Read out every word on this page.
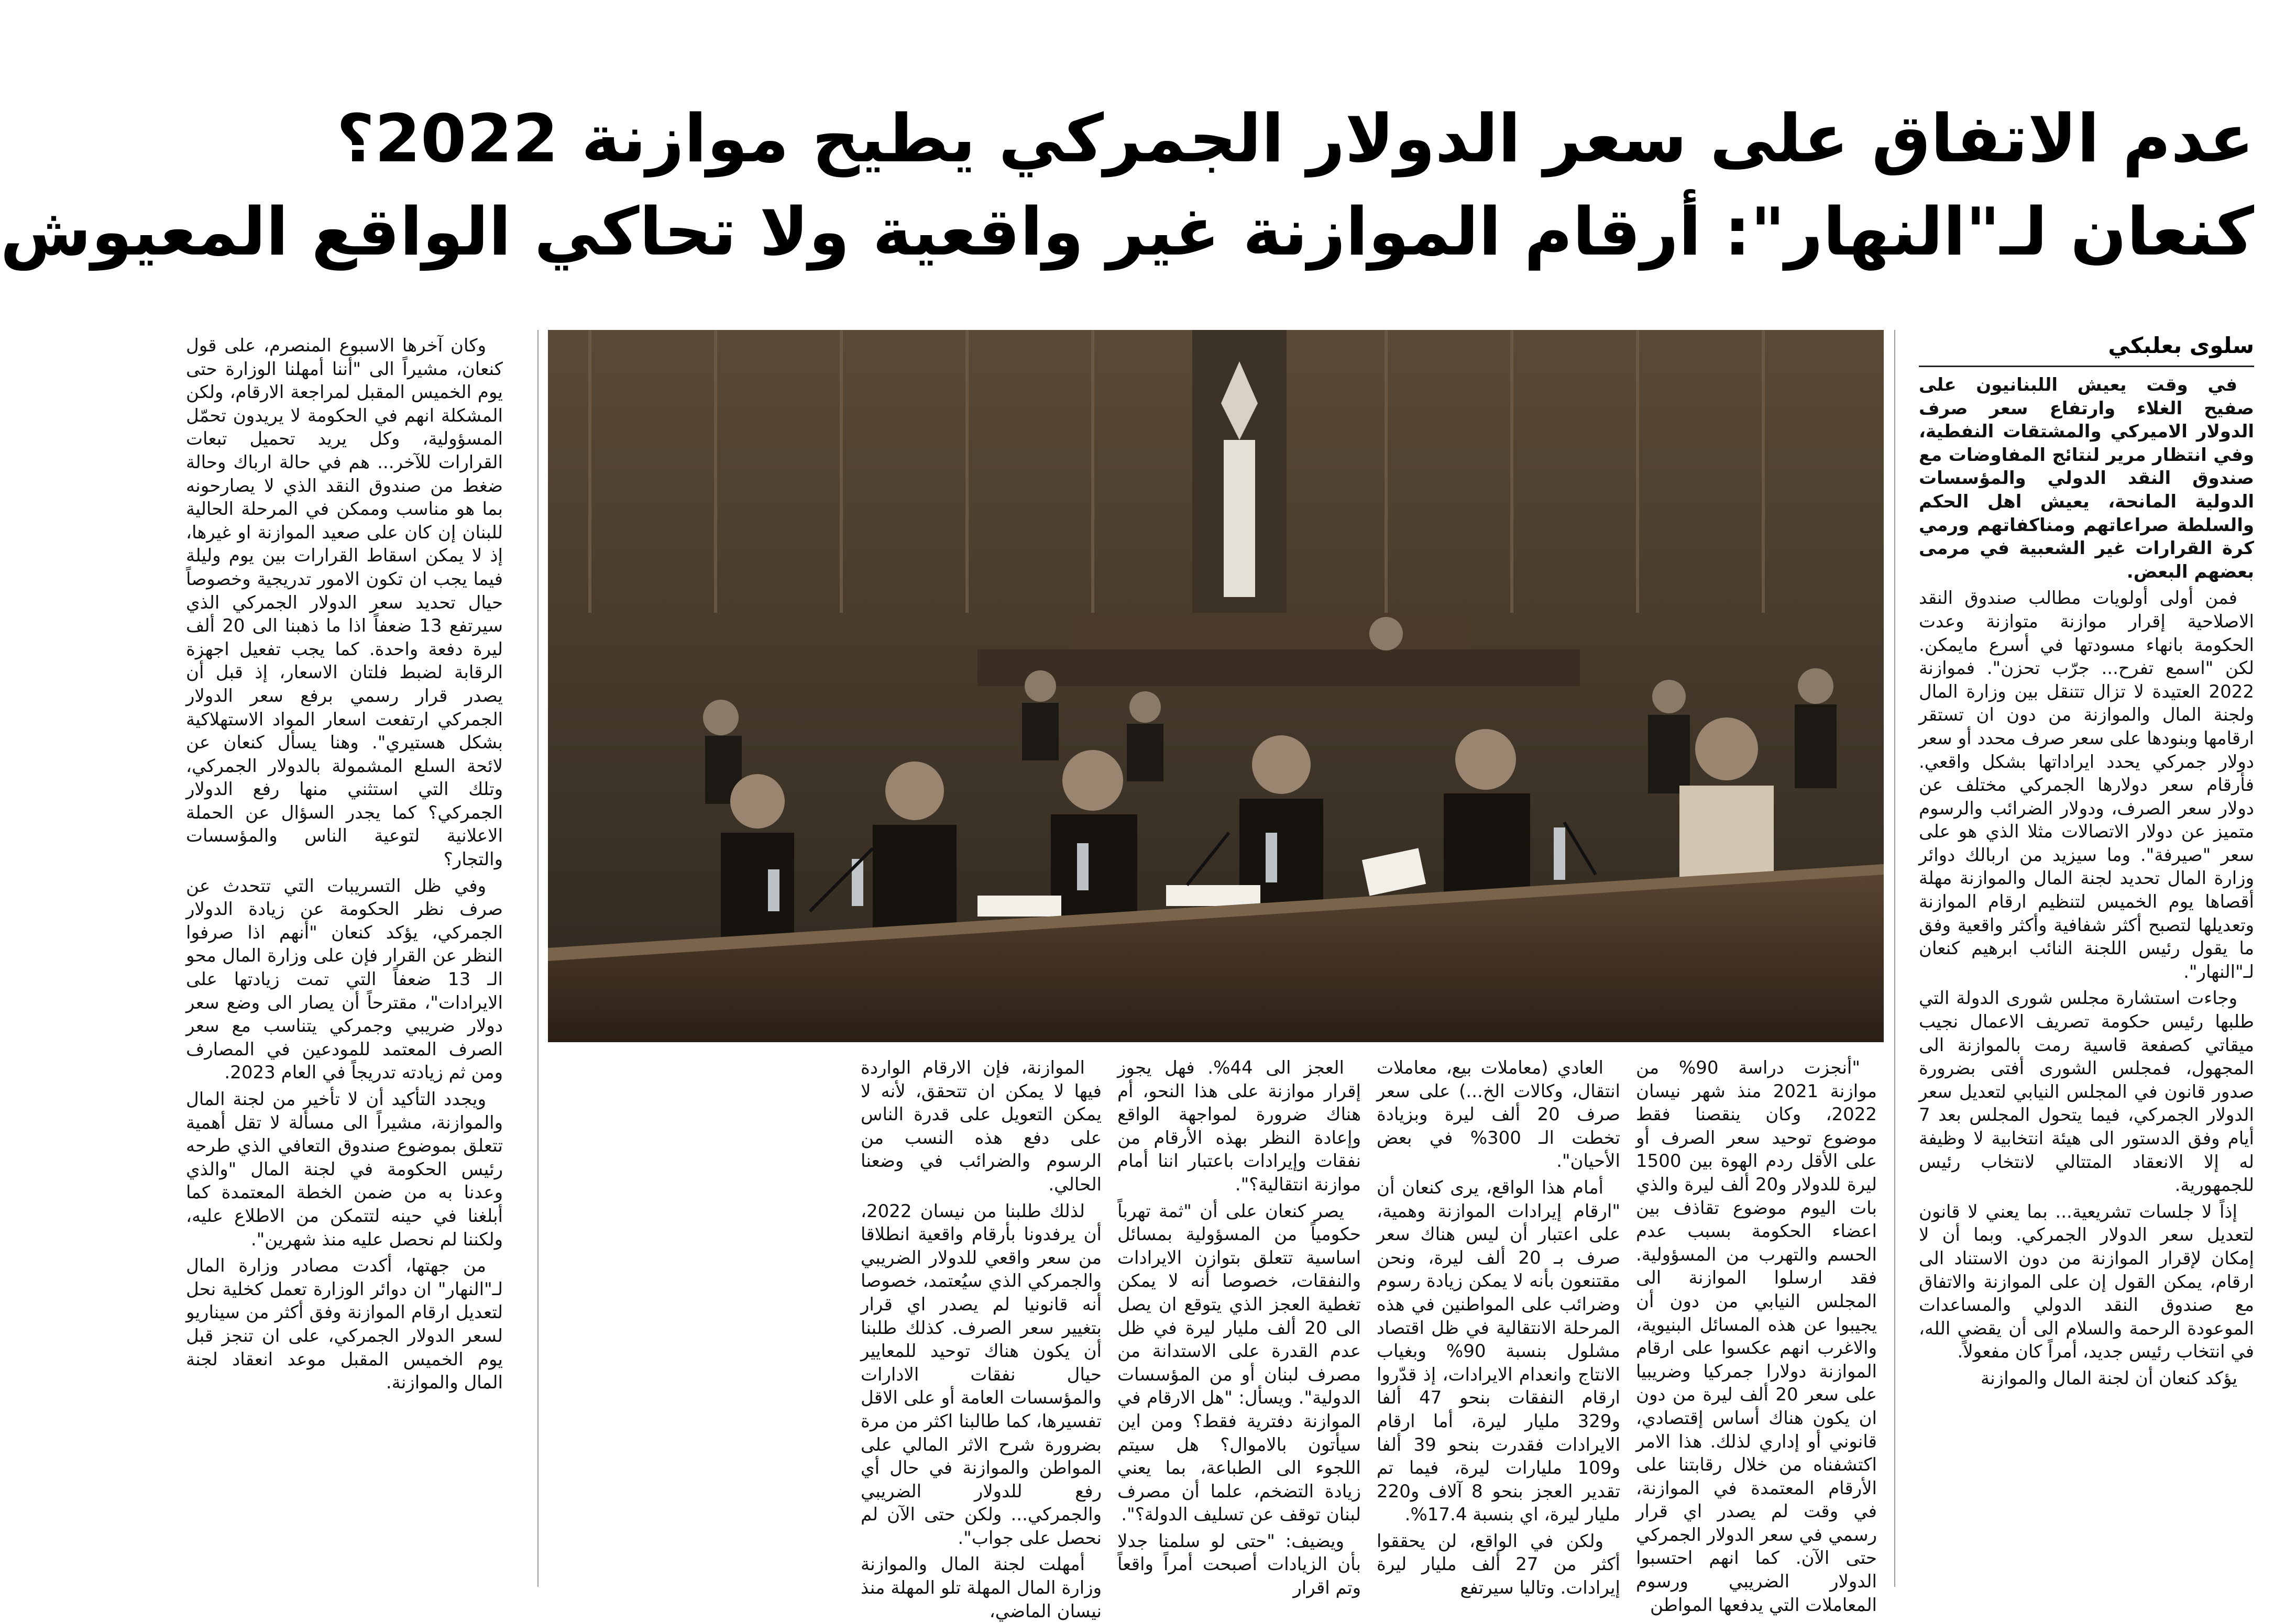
عدم الاتفاق على سعر الدولار الجمركي يطيح موازنة 2022؟
كنعان لـ"النهار": أرقام الموازنة غير واقعية ولا تحاكي الواقع المعيوش
سلوى بعلبكي

في وقت يعيش اللبنانيون على صفيح الغلاء وارتفاع سعر صرف الدولار الاميركي والمشتقات النفطية، وفي انتظار مرير لنتائج المفاوضات مع صندوق النقد الدولي والمؤسسات الدولية المانحة، يعيش اهل الحكم والسلطة صراعاتهم ومناكفاتهم ورمي كرة القرارات غير الشعبية في مرمى بعضهم البعض.

فمن أولى أولويات مطالب صندوق النقد الاصلاحية إقرار موازنة متوازنة وعدت الحكومة بانهاء مسودتها في أسرع مايمكن. لكن "اسمع تفرح... جرّب تحزن". فموازنة 2022 العتيدة لا تزال تتنقل بين وزارة المال ولجنة المال والموازنة من دون ان تستقر ارقامها وبنودها على سعر صرف محدد أو سعر دولار جمركي يحدد ايراداتها بشكل واقعي. فأرقام سعر دولارها الجمركي مختلف عن دولار سعر الصرف، ودولار الضرائب والرسوم متميز عن دولار الاتصالات مثلا الذي هو على سعر "صيرفة". وما سيزيد من اربالك دوائر وزارة المال تحديد لجنة المال والموازنة مهلة أقصاها يوم الخميس لتنظيم ارقام الموازنة وتعديلها لتصبح أكثر شفافية وأكثر واقعية وفق ما يقول رئيس اللجنة النائب ابرهيم كنعان لـ"النهار".

وجاءت استشارة مجلس شورى الدولة التي طلبها رئيس حكومة تصريف الاعمال نجيب ميقاتي كصفعة قاسية رمت بالموازنة الى المجهول، فمجلس الشورى أفتى بضرورة صدور قانون في المجلس النيابي لتعديل سعر الدولار الجمركي، فيما يتحول المجلس بعد 7 أيام وفق الدستور الى هيئة انتخابية لا وظيفة له إلا الانعقاد المتتالي لانتخاب رئيس للجمهورية.

إذاً لا جلسات تشريعية... بما يعني لا قانون لتعديل سعر الدولار الجمركي. وبما أن لا إمكان لإقرار الموازنة من دون الاستناد الى ارقام، يمكن القول إن على الموازنة والاتفاق مع صندوق النقد الدولي والمساعدات الموعودة الرحمة والسلام الى أن يقضي الله، في انتخاب رئيس جديد، أمراً كان مفعولاً.

يؤكد كنعان أن لجنة المال والموازنة

وكان آخرها الاسبوع المنصرم، على قول كنعان، مشيراً الى "أننا أمهلنا الوزارة حتى يوم الخميس المقبل لمراجعة الارقام، ولكن المشكلة انهم في الحكومة لا يريدون تحمّل المسؤولية، وكل يريد تحميل تبعات القرارات للآخر... هم في حالة ارباك وحالة ضغط من صندوق النقد الذي لا يصارحونه بما هو مناسب وممكن في المرحلة الحالية للبنان إن كان على صعيد الموازنة او غيرها، إذ لا يمكن اسقاط القرارات بين يوم وليلة فيما يجب ان تكون الامور تدريجية وخصوصاً حيال تحديد سعر الدولار الجمركي الذي سيرتفع 13 ضعفاً اذا ما ذهبنا الى 20 ألف ليرة دفعة واحدة. كما يجب تفعيل اجهزة الرقابة لضبط فلتان الاسعار، إذ قبل أن يصدر قرار رسمي برفع سعر الدولار الجمركي ارتفعت اسعار المواد الاستهلاكية بشكل هستيري". وهنا يسأل كنعان عن لائحة السلع المشمولة بالدولار الجمركي، وتلك التي استثني منها رفع الدولار الجمركي؟ كما يجدر السؤال عن الحملة الاعلانية لتوعية الناس والمؤسسات والتجار؟

وفي ظل التسريبات التي تتحدث عن صرف نظر الحكومة عن زيادة الدولار الجمركي، يؤكد كنعان "أنهم اذا صرفوا النظر عن القرار فإن على وزارة المال محو الـ 13 ضعفاً التي تمت زيادتها على الايرادات"، مقترحاً أن يصار الى وضع سعر دولار ضريبي وجمركي يتناسب مع سعر الصرف المعتمد للمودعين في المصارف ومن ثم زيادته تدريجاً في العام 2023.

ويجدد التأكيد أن لا تأخير من لجنة المال والموازنة، مشيراً الى مسألة لا تقل أهمية تتعلق بموضوع صندوق التعافي الذي طرحه رئيس الحكومة في لجنة المال "والذي وعدنا به من ضمن الخطة المعتمدة كما أبلغنا في حينه لتتمكن من الاطلاع عليه، ولكننا لم نحصل عليه منذ شهرين".

من جهتها، أكدت مصادر وزارة المال لـ"النهار" ان دوائر الوزارة تعمل كخلية نحل لتعديل ارقام الموازنة وفق أكثر من سيناريو لسعر الدولار الجمركي، على ان تنجز قبل يوم الخميس المقبل موعد انعقاد لجنة المال والموازنة.

"أنجزت دراسة 90% من موازنة 2021 منذ شهر نيسان 2022، وكان ينقصنا فقط موضوع توحيد سعر الصرف أو على الأقل ردم الهوة بين 1500 ليرة للدولار و20 ألف ليرة والذي بات اليوم موضوع تقاذف بين اعضاء الحكومة بسبب عدم الحسم والتهرب من المسؤولية. فقد ارسلوا الموازنة الى المجلس النيابي من دون أن يجيبوا عن هذه المسائل البنيوية، والاغرب انهم عكسوا على ارقام الموازنة دولارا جمركيا وضريبيا على سعر 20 ألف ليرة من دون ان يكون هناك أساس إقتصادي، قانوني أو إداري لذلك. هذا الامر اكتشفناه من خلال رقابتنا على الأرقام المعتمدة في الموازنة، في وقت لم يصدر اي قرار رسمي في سعر الدولار الجمركي حتى الآن. كما انهم احتسبوا الدولار الضريبي ورسوم المعاملات التي يدفعها المواطن

العادي (معاملات بيع، معاملات انتقال، وكالات الخ...) على سعر صرف 20 ألف ليرة وبزيادة تخطت الـ 300% في بعض الأحيان".

أمام هذا الواقع، يرى كنعان أن "ارقام إيرادات الموازنة وهمية، على اعتبار أن ليس هناك سعر صرف بـ 20 ألف ليرة، ونحن مقتنعون بأنه لا يمكن زيادة رسوم وضرائب على المواطنين في هذه المرحلة الانتقالية في ظل اقتصاد مشلول بنسبة 90% وبغياب الانتاج وانعدام الايرادات، إذ قدّروا ارقام النفقات بنحو 47 ألفا و329 مليار ليرة، أما ارقام الايرادات فقدرت بنحو 39 ألفا و109 مليارات ليرة، فيما تم تقدير العجز بنحو 8 آلاف و220 مليار ليرة، اي بنسبة 17.4%.

ولكن في الواقع، لن يحققوا أكثر من 27 ألف مليار ليرة إيرادات. وتاليا سيرتفع

العجز الى 44%. فهل يجوز إقرار موازنة على هذا النحو، أم هناك ضرورة لمواجهة الواقع وإعادة النظر بهذه الأرقام من نفقات وإيرادات باعتبار اننا أمام موازنة انتقالية؟".

يصر كنعان على أن "ثمة تهرباً حكومياً من المسؤولية بمسائل اساسية تتعلق بتوازن الايرادات والنفقات، خصوصا أنه لا يمكن تغطية العجز الذي يتوقع ان يصل الى 20 ألف مليار ليرة في ظل عدم القدرة على الاستدانة من مصرف لبنان أو من المؤسسات الدولية". ويسأل: "هل الارقام في الموازنة دفترية فقط؟ ومن اين سيأتون بالاموال؟ هل سيتم اللجوء الى الطباعة، بما يعني زيادة التضخم، علما أن مصرف لبنان توقف عن تسليف الدولة؟".

ويضيف: "حتى لو سلمنا جدلا بأن الزيادات أصبحت أمراً واقعاً وتم اقرار

الموازنة، فإن الارقام الواردة فيها لا يمكن ان تتحقق، لأنه لا يمكن التعويل على قدرة الناس على دفع هذه النسب من الرسوم والضرائب في وضعنا الحالي.

لذلك طلبنا من نيسان 2022، أن يرفدونا بأرقام واقعية انطلاقا من سعر واقعي للدولار الضريبي والجمركي الذي سيُعتمد، خصوصا أنه قانونيا لم يصدر اي قرار بتغيير سعر الصرف. كذلك طلبنا أن يكون هناك توحيد للمعايير حيال نفقات الادارات والمؤسسات العامة أو على الاقل تفسيرها، كما طالبنا اكثر من مرة بضرورة شرح الاثر المالي على المواطن والموازنة في حال أي رفع للدولار الضريبي والجمركي... ولكن حتى الآن لم نحصل على جواب".

أمهلت لجنة المال والموازنة وزارة المال المهلة تلو المهلة منذ نيسان الماضي،
